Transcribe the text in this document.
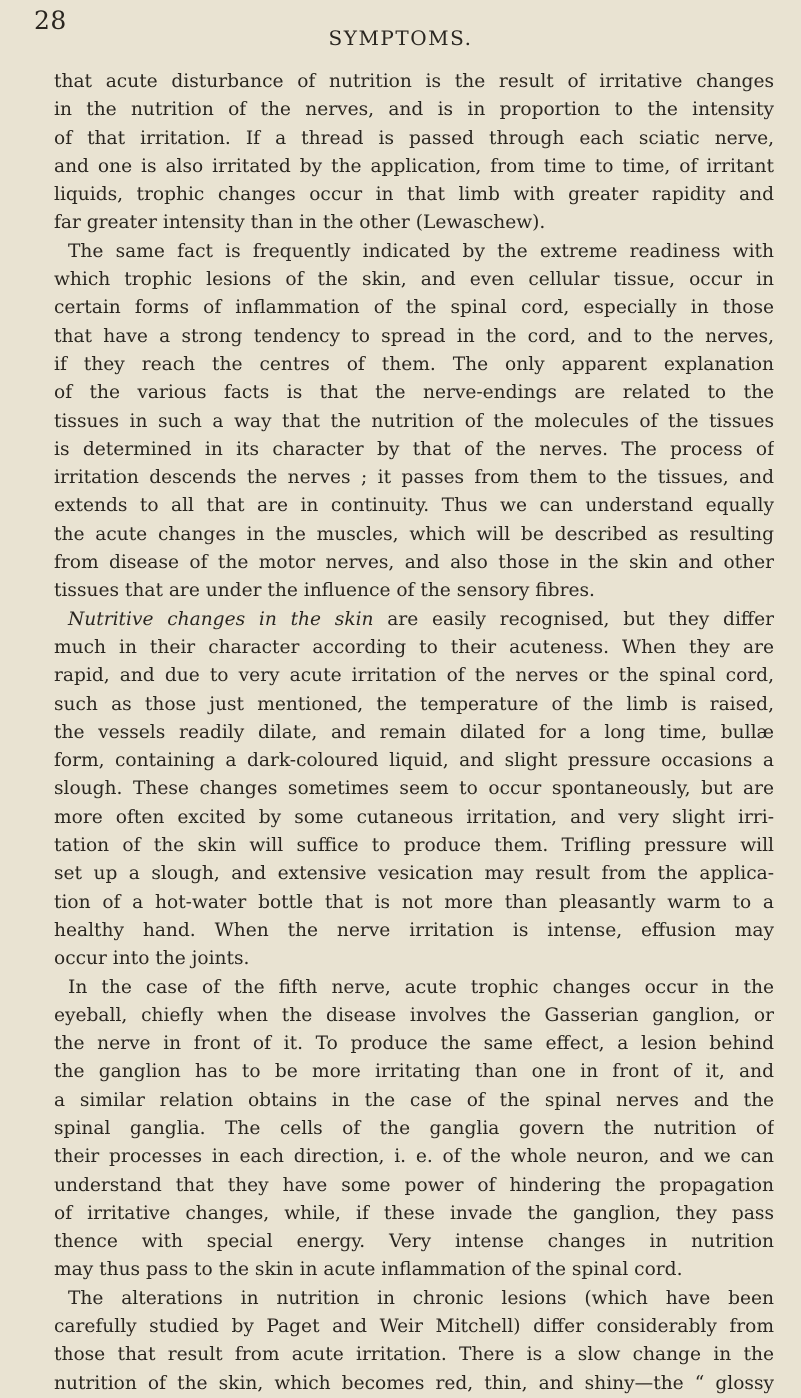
28
SYMPTOMS.
that acute disturbance of nutrition is the result of irritative changes
in the nutrition of the nerves, and is in proportion to the intensity
of that irritation. If a thread is passed through each sciatic nerve,
and one is also irritated by the application, from time to time, of irritant
liquids, trophic changes occur in that limb with greater rapidity and
far greater intensity than in the other (Lewaschew).
The same fact is frequently indicated by the extreme readiness with
which trophic lesions of the skin, and even cellular tissue, occur in
certain forms of inflammation of the spinal cord, especially in those
that have a strong tendency to spread in the cord, and to the nerves,
if they reach the centres of them. The only apparent explanation
of the various facts is that the nerve-endings are related to the
tissues in such a way that the nutrition of the molecules of the tissues
is determined in its character by that of the nerves. The process of
irritation descends the nerves ; it passes from them to the tissues, and
extends to all that are in continuity. Thus we can understand equally
the acute changes in the muscles, which will be described as resulting
from disease of the motor nerves, and also those in the skin and other
tissues that are under the influence of the sensory fibres.
Nutritive changes in the skin are easily recognised, but they differ
much in their character according to their acuteness. When they are
rapid, and due to very acute irritation of the nerves or the spinal cord,
such as those just mentioned, the temperature of the limb is raised,
the vessels readily dilate, and remain dilated for a long time, bullæ
form, containing a dark-coloured liquid, and slight pressure occasions a
slough. These changes sometimes seem to occur spontaneously, but are
more often excited by some cutaneous irritation, and very slight irri-
tation of the skin will suffice to produce them. Trifling pressure will
set up a slough, and extensive vesication may result from the applica-
tion of a hot-water bottle that is not more than pleasantly warm to a
healthy hand. When the nerve irritation is intense, effusion may
occur into the joints.
In the case of the fifth nerve, acute trophic changes occur in the
eyeball, chiefly when the disease involves the Gasserian ganglion, or
the nerve in front of it. To produce the same effect, a lesion behind
the ganglion has to be more irritating than one in front of it, and
a similar relation obtains in the case of the spinal nerves and the
spinal ganglia. The cells of the ganglia govern the nutrition of
their processes in each direction, i. e. of the whole neuron, and we can
understand that they have some power of hindering the propagation
of irritative changes, while, if these invade the ganglion, they pass
thence with special energy. Very intense changes in nutrition
may thus pass to the skin in acute inflammation of the spinal cord.
The alterations in nutrition in chronic lesions (which have been
carefully studied by Paget and Weir Mitchell) differ considerably from
those that result from acute irritation. There is a slow change in the
nutrition of the skin, which becomes red, thin, and shiny—the “ glossy
